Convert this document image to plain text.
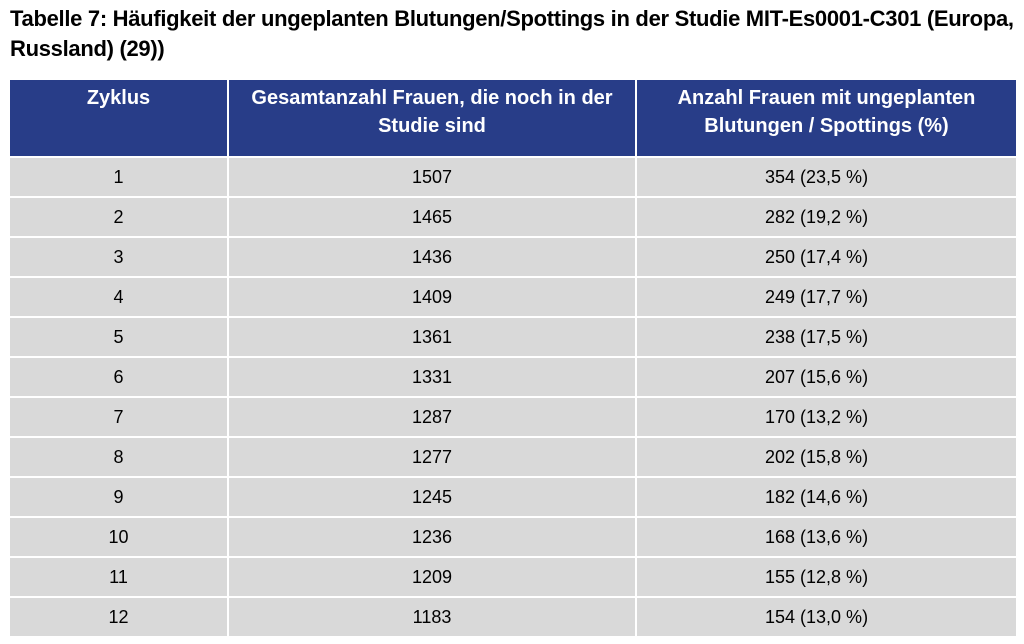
Tabelle 7: Häufigkeit der ungeplanten Blutungen/Spottings in der Studie MIT-Es0001-C301 (Europa, Russland) (29))
Zyklus	Gesamtanzahl Frauen, die noch in der Studie sind	Anzahl Frauen mit ungeplanten Blutungen / Spottings (%)
1	1507	354 (23,5 %)
2	1465	282 (19,2 %)
3	1436	250 (17,4 %)
4	1409	249 (17,7 %)
5	1361	238 (17,5 %)
6	1331	207 (15,6 %)
7	1287	170 (13,2 %)
8	1277	202 (15,8 %)
9	1245	182 (14,6 %)
10	1236	168 (13,6 %)
11	1209	155 (12,8 %)
12	1183	154 (13,0 %)
